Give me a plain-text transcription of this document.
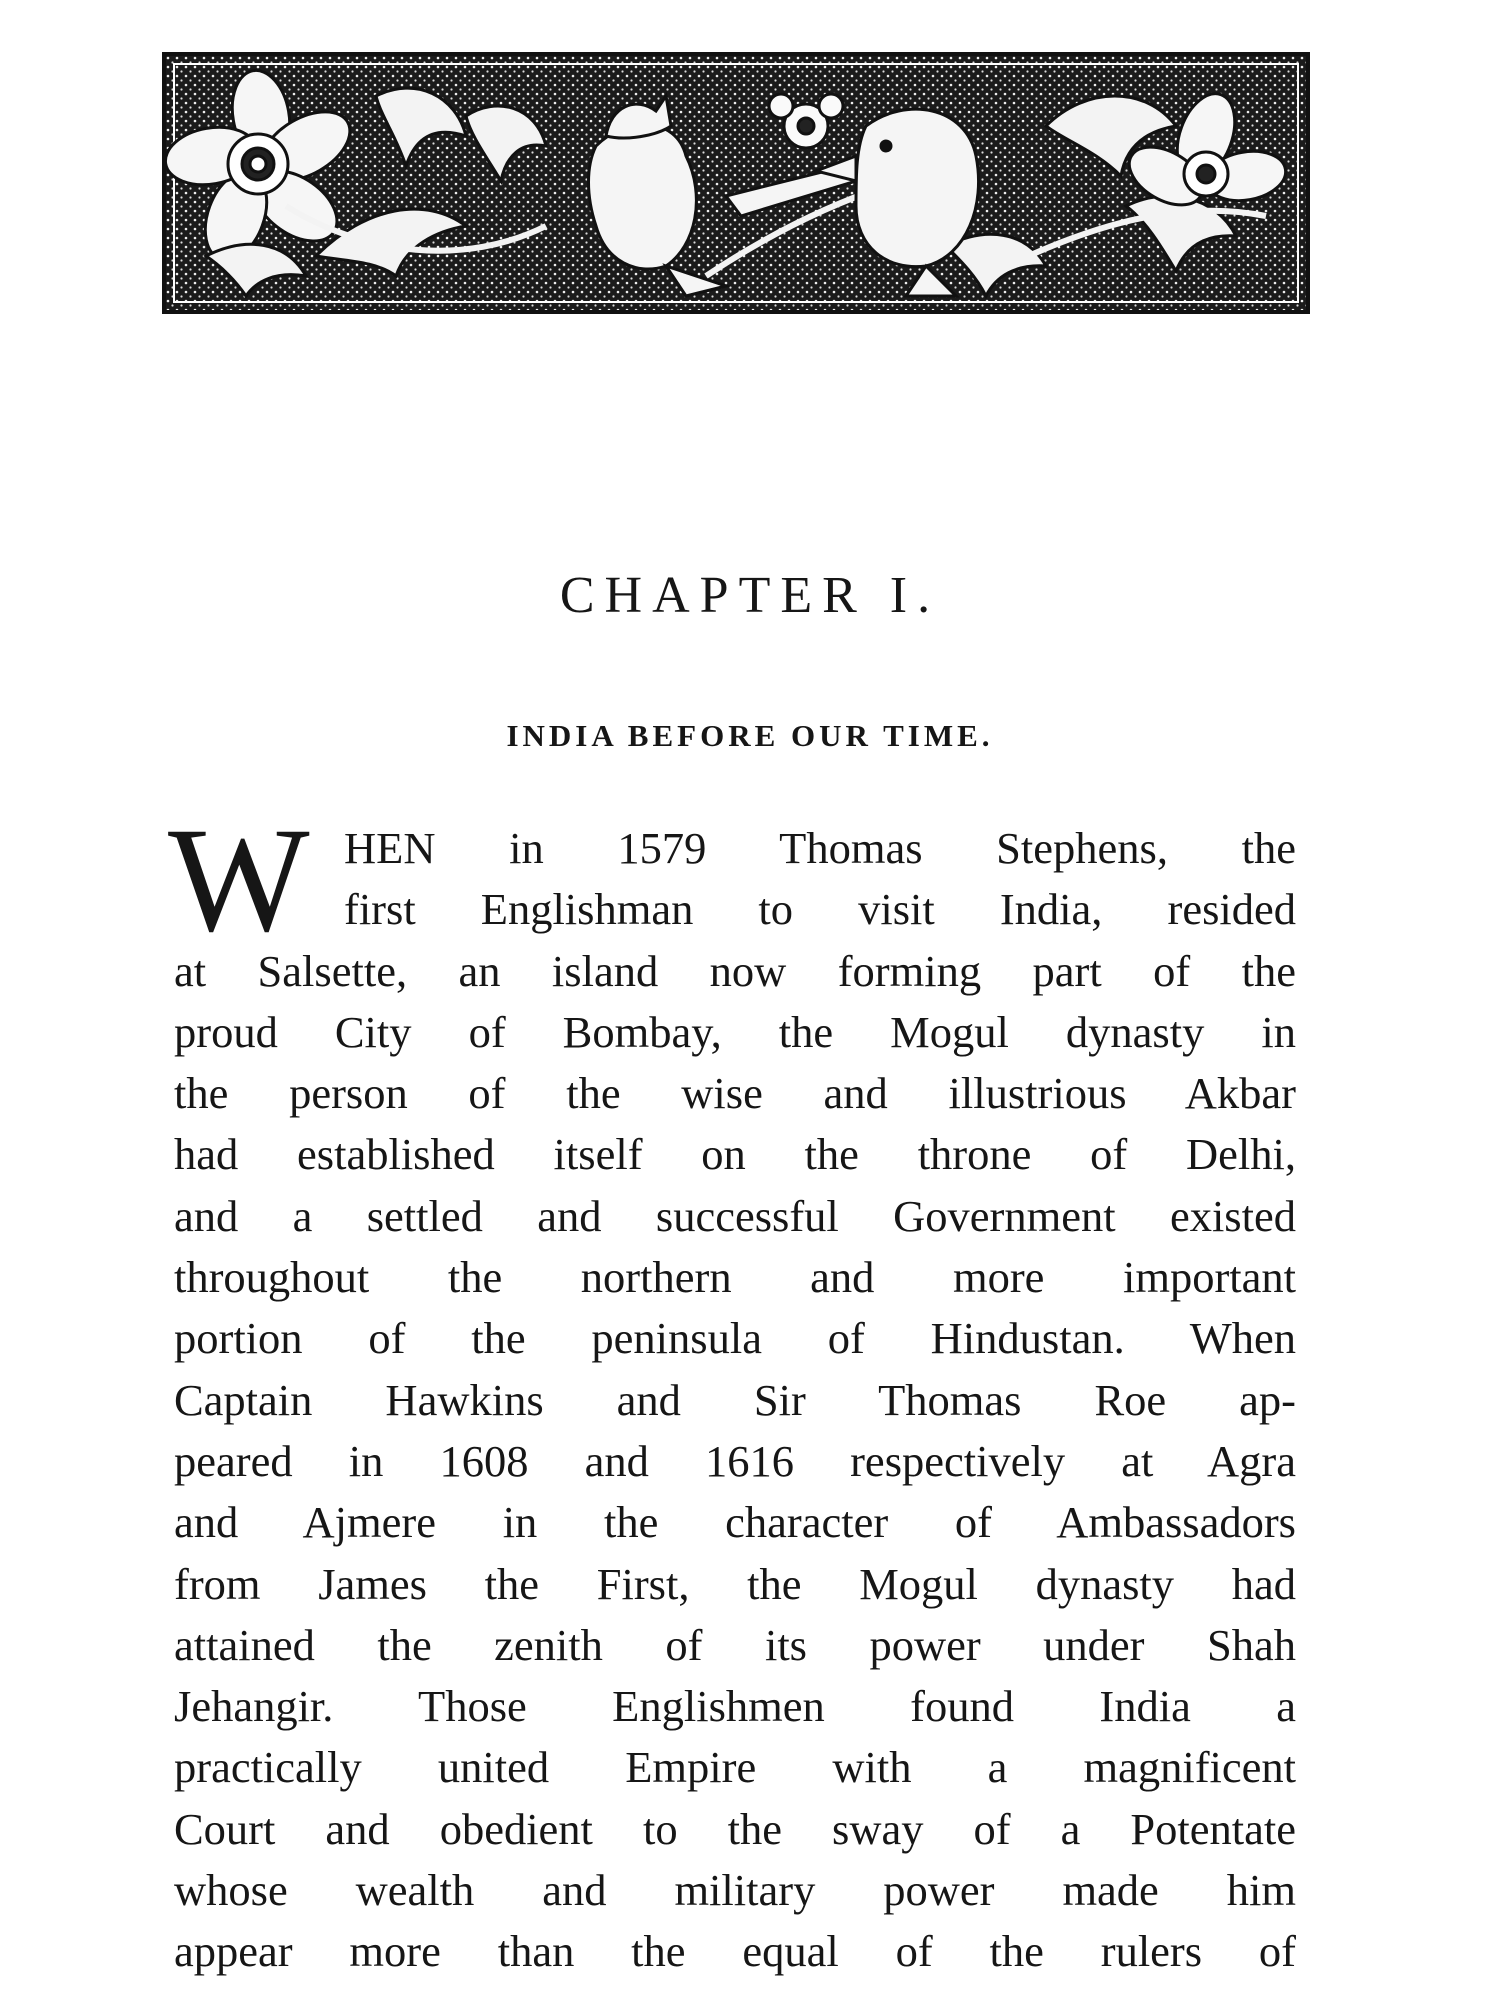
CHAPTER I.
INDIA BEFORE OUR TIME.
W HEN in 1579 Thomas Stephens, the
first Englishman to visit India, resided
at Salsette, an island now forming part of the
proud City of Bombay, the Mogul dynasty in
the person of the wise and illustrious Akbar
had established itself on the throne of Delhi,
and a settled and successful Government existed
throughout the northern and more important
portion of the peninsula of Hindustan. When
Captain Hawkins and Sir Thomas Roe ap-
peared in 1608 and 1616 respectively at Agra
and Ajmere in the character of Ambassadors
from James the First, the Mogul dynasty had
attained the zenith of its power under Shah
Jehangir. Those Englishmen found India a
practically united Empire with a magnificent
Court and obedient to the sway of a Potentate
whose wealth and military power made him
appear more than the equal of the rulers of
